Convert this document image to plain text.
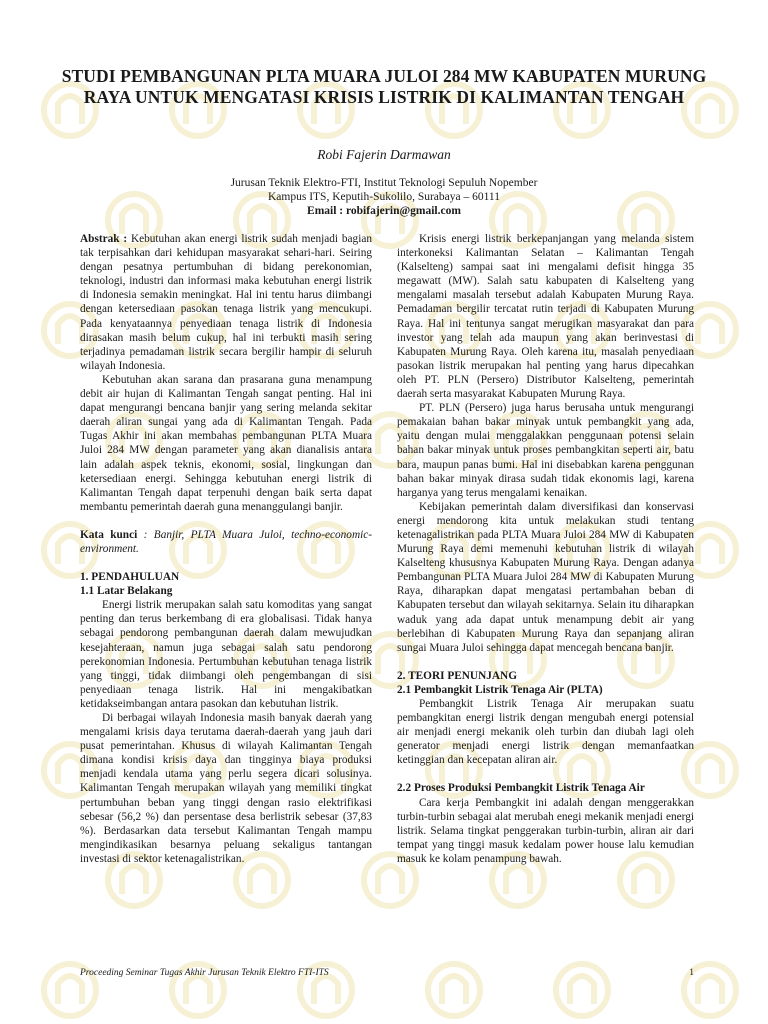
STUDI PEMBANGUNAN PLTA MUARA JULOI 284 MW KABUPATEN MURUNG RAYA UNTUK MENGATASI KRISIS LISTRIK DI KALIMANTAN TENGAH
Robi Fajerin Darmawan
Jurusan Teknik Elektro-FTI, Institut Teknologi Sepuluh Nopember
Kampus ITS, Keputih-Sukolilo, Surabaya – 60111
Email : robifajerin@gmail.com

Abstrak : Kebutuhan akan energi listrik sudah menjadi bagian tak terpisahkan dari kehidupan masyarakat sehari-hari. Seiring dengan pesatnya pertumbuhan di bidang perekonomian, teknologi, industri dan informasi maka kebutuhan energi listrik di Indonesia semakin meningkat. Hal ini tentu harus diimbangi dengan ketersediaan pasokan tenaga listrik yang mencukupi. Pada kenyataannya penyediaan tenaga listrik di Indonesia dirasakan masih belum cukup, hal ini terbukti masih sering terjadinya pemadaman listrik secara bergilir hampir di seluruh wilayah Indonesia.

Kebutuhan akan sarana dan prasarana guna menampung debit air hujan di Kalimantan Tengah sangat penting. Hal ini dapat mengurangi bencana banjir yang sering melanda sekitar daerah aliran sungai yang ada di Kalimantan Tengah. Pada Tugas Akhir ini akan membahas pembangunan PLTA Muara Juloi 284 MW dengan parameter yang akan dianalisis antara lain adalah aspek teknis, ekonomi, sosial, lingkungan dan ketersediaan energi. Sehingga kebutuhan energi listrik di Kalimantan Tengah dapat terpenuhi dengan baik serta dapat membantu pemerintah daerah guna menanggulangi banjir.

Kata kunci : Banjir, PLTA Muara Juloi, techno-economic-environment.

1. PENDAHULUAN

1.1 Latar Belakang

Energi listrik merupakan salah satu komoditas yang sangat penting dan terus berkembang di era globalisasi. Tidak hanya sebagai pendorong pembangunan daerah dalam mewujudkan kesejahteraan, namun juga sebagai salah satu pendorong perekonomian Indonesia. Pertumbuhan kebutuhan tenaga listrik yang tinggi, tidak diimbangi oleh pengembangan di sisi penyediaan tenaga listrik. Hal ini mengakibatkan ketidakseimbangan antara pasokan dan kebutuhan listrik.

Di berbagai wilayah Indonesia masih banyak daerah yang mengalami krisis daya terutama daerah-daerah yang jauh dari pusat pemerintahan. Khusus di wilayah Kalimantan Tengah dimana kondisi krisis daya dan tingginya biaya produksi menjadi kendala utama yang perlu segera dicari solusinya. Kalimantan Tengah merupakan wilayah yang memiliki tingkat pertumbuhan beban yang tinggi dengan rasio elektrifikasi sebesar (56,2 %) dan persentase desa berlistrik sebesar (37,83 %). Berdasarkan data tersebut Kalimantan Tengah mampu mengindikasikan besarnya peluang sekaligus tantangan investasi di sektor ketenagalistrikan.

Krisis energi listrik berkepanjangan yang melanda sistem interkoneksi Kalimantan Selatan – Kalimantan Tengah (Kalselteng) sampai saat ini mengalami defisit hingga 35 megawatt (MW). Salah satu kabupaten di Kalselteng yang mengalami masalah tersebut adalah Kabupaten Murung Raya. Pemadaman bergilir tercatat rutin terjadi di Kabupaten Murung Raya. Hal ini tentunya sangat merugikan masyarakat dan para investor yang telah ada maupun yang akan berinvestasi di Kabupaten Murung Raya. Oleh karena itu, masalah penyediaan pasokan listrik merupakan hal penting yang harus dipecahkan oleh PT. PLN (Persero) Distributor Kalselteng, pemerintah daerah serta masyarakat Kabupaten Murung Raya.

PT. PLN (Persero) juga harus berusaha untuk mengurangi pemakaian bahan bakar minyak untuk pembangkit yang ada, yaitu dengan mulai menggalakkan penggunaan potensi selain bahan bakar minyak untuk proses pembangkitan seperti air, batu bara, maupun panas bumi. Hal ini disebabkan karena penggunan bahan bakar minyak dirasa sudah tidak ekonomis lagi, karena harganya yang terus mengalami kenaikan.

Kebijakan pemerintah dalam diversifikasi dan konservasi energi mendorong kita untuk melakukan studi tentang ketenagalistrikan pada PLTA Muara Juloi 284 MW di Kabupaten Murung Raya demi memenuhi kebutuhan listrik di wilayah Kalselteng khususnya Kabupaten Murung Raya. Dengan adanya Pembangunan PLTA Muara Juloi 284 MW di Kabupaten Murung Raya, diharapkan dapat mengatasi pertambahan beban di Kabupaten tersebut dan wilayah sekitarnya. Selain itu diharapkan waduk yang ada dapat untuk menampung debit air yang berlebihan di Kabupaten Murung Raya dan sepanjang aliran sungai Muara Juloi sehingga dapat mencegah bencana banjir.

2. TEORI PENUNJANG

2.1 Pembangkit Listrik Tenaga Air (PLTA)

Pembangkit Listrik Tenaga Air merupakan suatu pembangkitan energi listrik dengan mengubah energi potensial air menjadi energi mekanik oleh turbin dan diubah lagi oleh generator menjadi energi listrik dengan memanfaatkan ketinggian dan kecepatan aliran air.

2.2 Proses Produksi Pembangkit Listrik Tenaga Air

Cara kerja Pembangkit ini adalah dengan menggerakkan turbin-turbin sebagai alat merubah enegi mekanik menjadi energi listrik. Selama tingkat penggerakan turbin-turbin, aliran air dari tempat yang tinggi masuk kedalam power house lalu kemudian masuk ke kolam penampung bawah.

Proceeding Seminar Tugas Akhir Jurusan Teknik Elektro FTI-ITS	1
